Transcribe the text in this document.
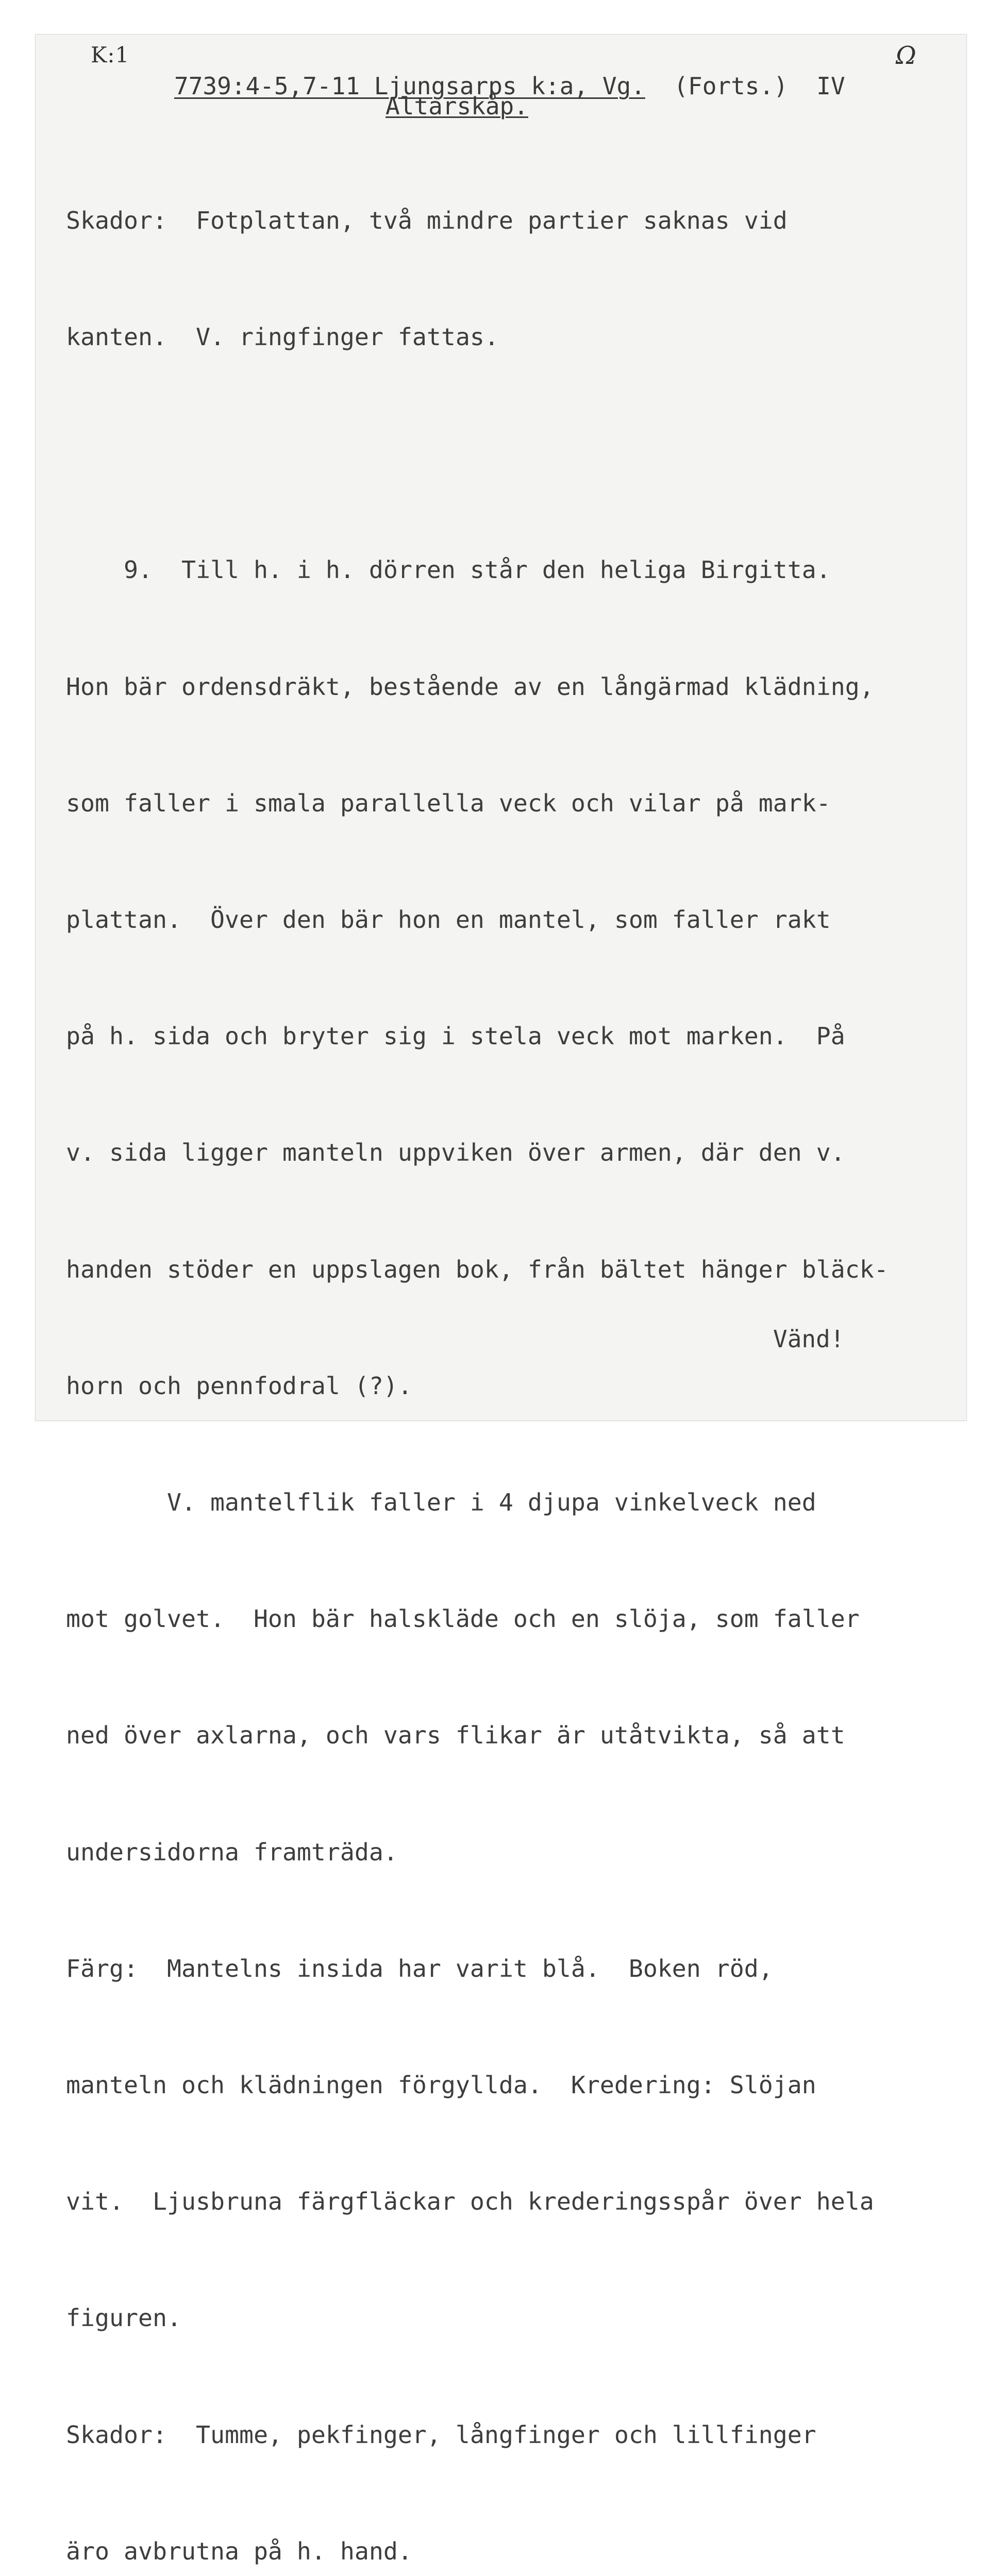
K:1	Ω
7739:4-5,7-11 Ljungsarps k:a, Vg. (Forts.) IV
Altarskåp.

Skador:  Fotplattan, två mindre partier saknas vid

kanten.  V. ringfinger fattas.

9.  Till h. i h. dörren står den heliga Birgitta.

Hon bär ordensdräkt, bestående av en långärmad klädning,

som faller i smala parallella veck och vilar på mark-

plattan.  Över den bär hon en mantel, som faller rakt

på h. sida och bryter sig i stela veck mot marken.  På

v. sida ligger manteln uppviken över armen, där den v.

handen stöder en uppslagen bok, från bältet hänger bläck-

horn och pennfodral (?).

V. mantelflik faller i 4 djupa vinkelveck ned

mot golvet.  Hon bär halskläde och en slöja, som faller

ned över axlarna, och vars flikar är utåtvikta, så att

undersidorna framträda.

Färg:  Mantelns insida har varit blå.  Boken röd,

manteln och klädningen förgyllda.  Kredering: Slöjan

vit.  Ljusbruna färgfläckar och krederingsspår över hela

figuren.

Skador:  Tumme, pekfinger, långfinger och lillfinger

äro avbrutna på h. hand.

Vänd!
